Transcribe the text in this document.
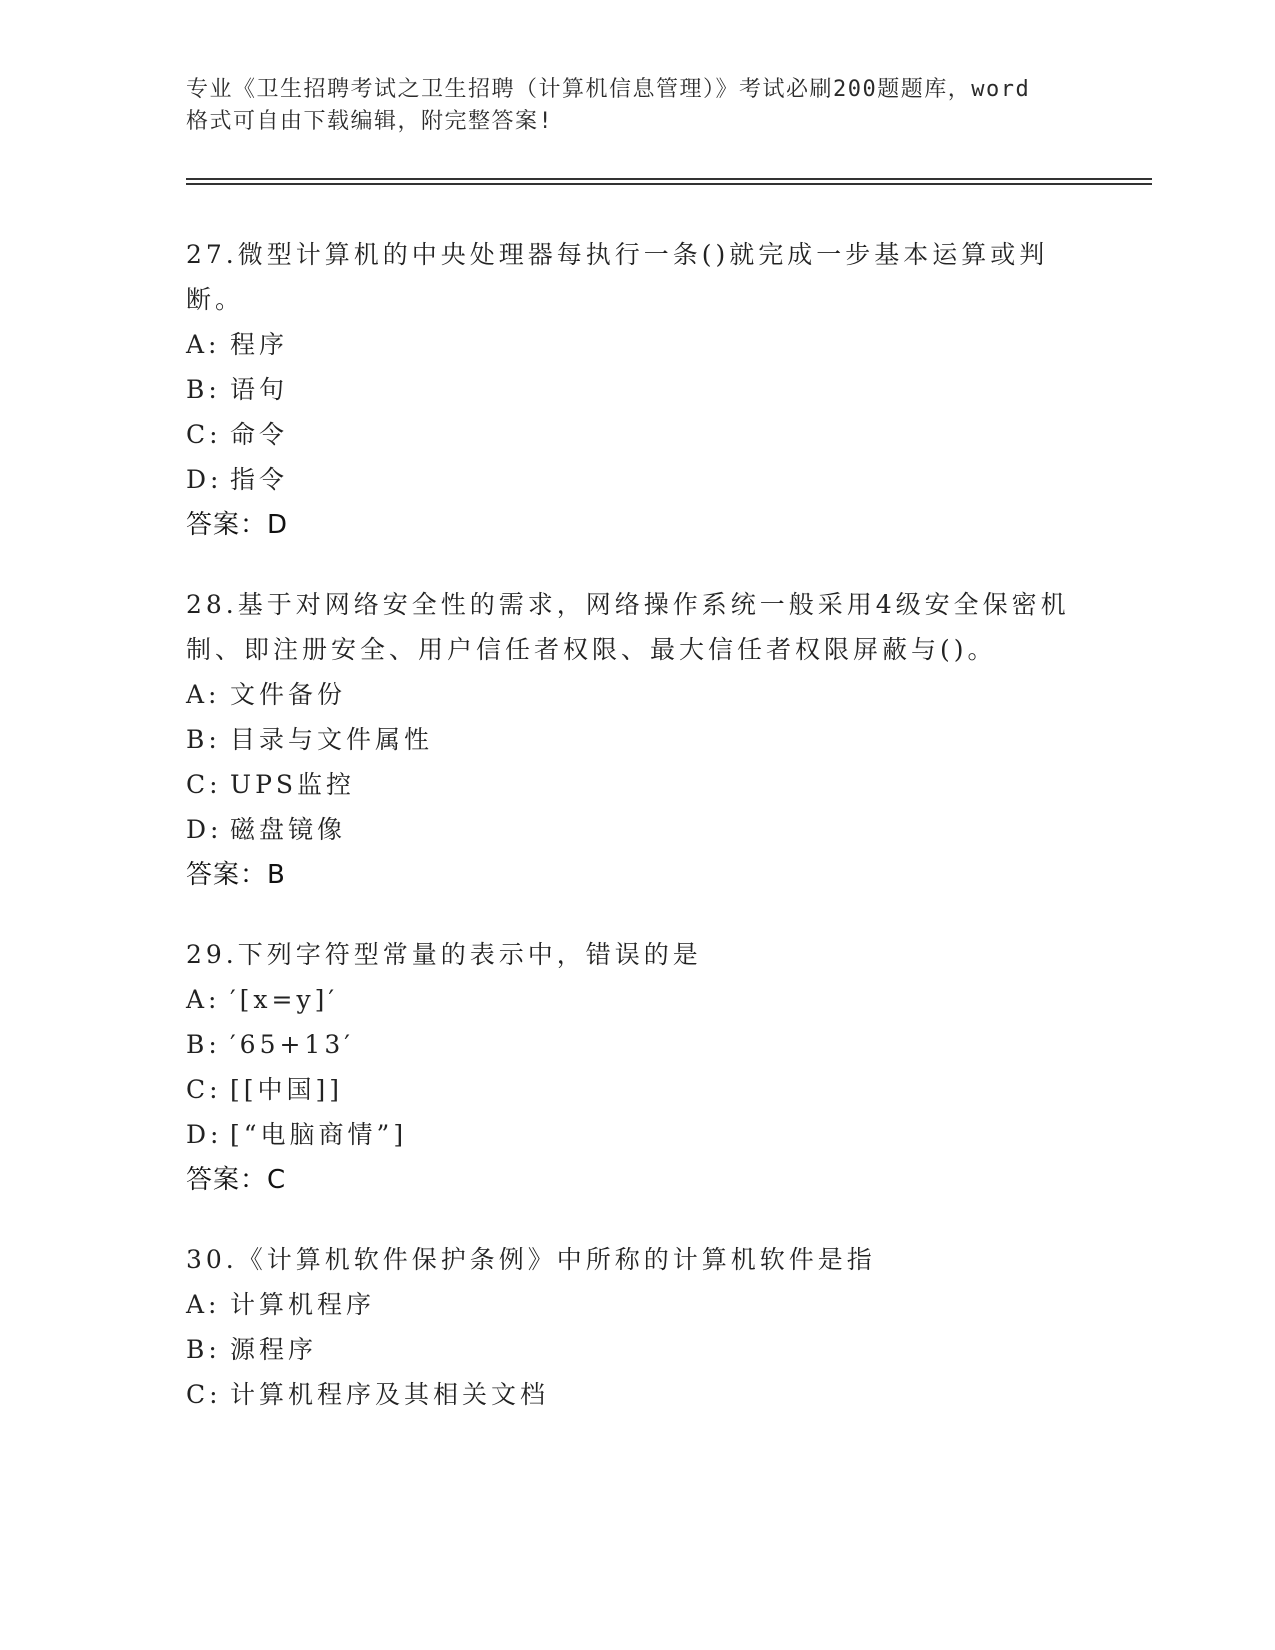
专业《卫生招聘考试之卫生招聘（计算机信息管理）》考试必刷200题题库，word
格式可自由下载编辑，附完整答案!
27.微型计算机的中央处理器每执行一条()就完成一步基本运算或判断。
A: 程序
B: 语句
C: 命令
D: 指令
答案：D
28.基于对网络安全性的需求，网络操作系统一般采用4级安全保密机制、即注册安全、用户信任者权限、最大信任者权限屏蔽与()。
A: 文件备份
B: 目录与文件属性
C: UPS监控
D: 磁盘镜像
答案：B
29.下列字符型常量的表示中，错误的是
A: ′[x=y]′
B: ′65+13′
C: [[中国]]
D: [“电脑商情”]
答案：C
30.《计算机软件保护条例》中所称的计算机软件是指
A: 计算机程序
B: 源程序
C: 计算机程序及其相关文档
